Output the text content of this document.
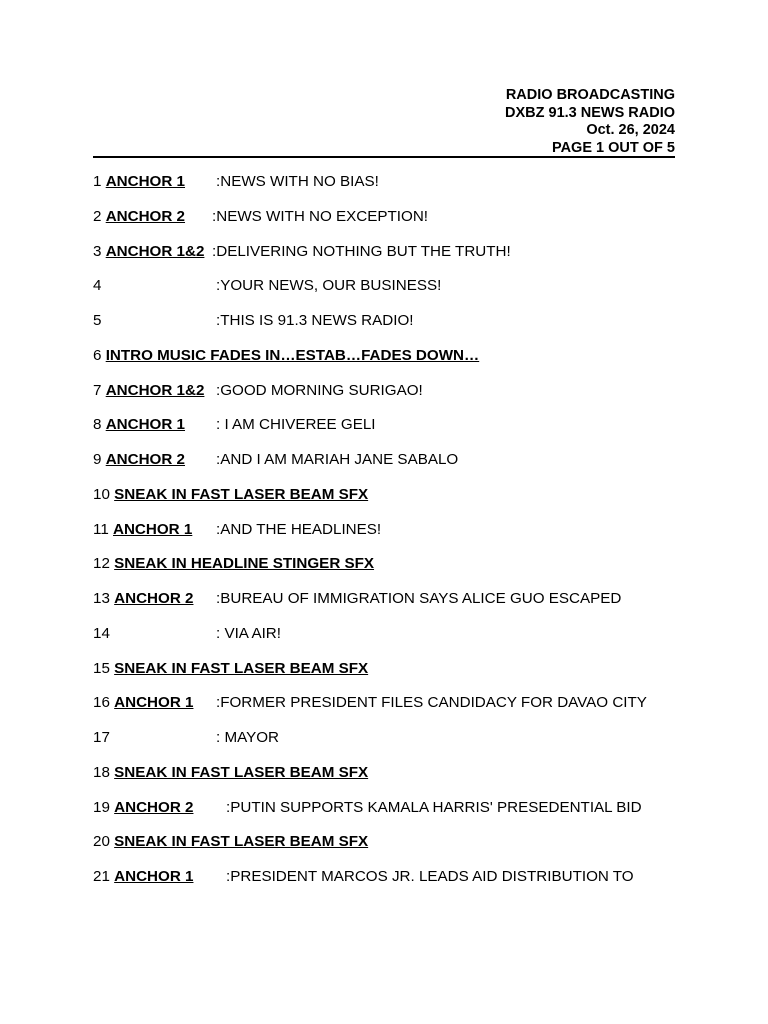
RADIO BROADCASTING
DXBZ 91.3 NEWS RADIO
Oct. 26, 2024
PAGE 1 OUT OF 5
1 ANCHOR 1 :NEWS WITH NO BIAS!
2 ANCHOR 2 :NEWS WITH NO EXCEPTION!
3 ANCHOR 1&2 :DELIVERING NOTHING BUT THE TRUTH!
4	:YOUR NEWS, OUR BUSINESS!
5	:THIS IS 91.3 NEWS RADIO!
6 INTRO MUSIC FADES IN…ESTAB…FADES DOWN…
7 ANCHOR 1&2 :GOOD MORNING SURIGAO!
8 ANCHOR 1 : I AM CHIVEREE GELI
9 ANCHOR 2 :AND I AM MARIAH JANE SABALO
10 SNEAK IN FAST LASER BEAM SFX
11 ANCHOR 1 :AND THE HEADLINES!
12 SNEAK IN HEADLINE STINGER SFX
13 ANCHOR 2 :BUREAU OF IMMIGRATION SAYS ALICE GUO ESCAPED
14	: VIA AIR!
15 SNEAK IN FAST LASER BEAM SFX
16 ANCHOR 1 :FORMER PRESIDENT FILES CANDIDACY FOR DAVAO CITY
17	: MAYOR
18 SNEAK IN FAST LASER BEAM SFX
19 ANCHOR 2 :PUTIN SUPPORTS KAMALA HARRIS' PRESEDENTIAL BID
20 SNEAK IN FAST LASER BEAM SFX
21 ANCHOR 1 :PRESIDENT MARCOS JR. LEADS AID DISTRIBUTION TO
